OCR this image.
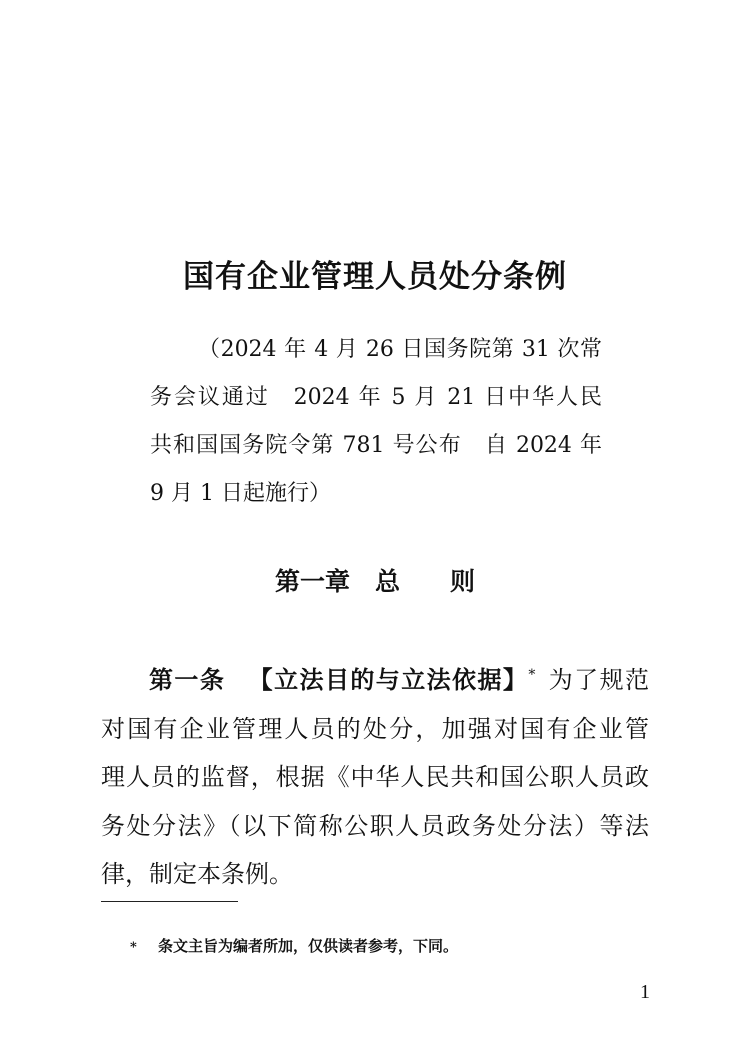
国有企业管理人员处分条例
（2024 年 4 月 26 日国务院第 31 次常
务会议通过　2024 年 5 月 21 日中华人民
共和国国务院令第 781 号公布　自 2024 年
9 月 1 日起施行）
第一章　总　　则
第一条 【立法目的与立法依据】* 为了规范
对国有企业管理人员的处分，加强对国有企业管
理人员的监督，根据《中华人民共和国公职人员政
务处分法》（以下简称公职人员政务处分法）等法
律，制定本条例。
* 条文主旨为编者所加，仅供读者参考，下同。
1
